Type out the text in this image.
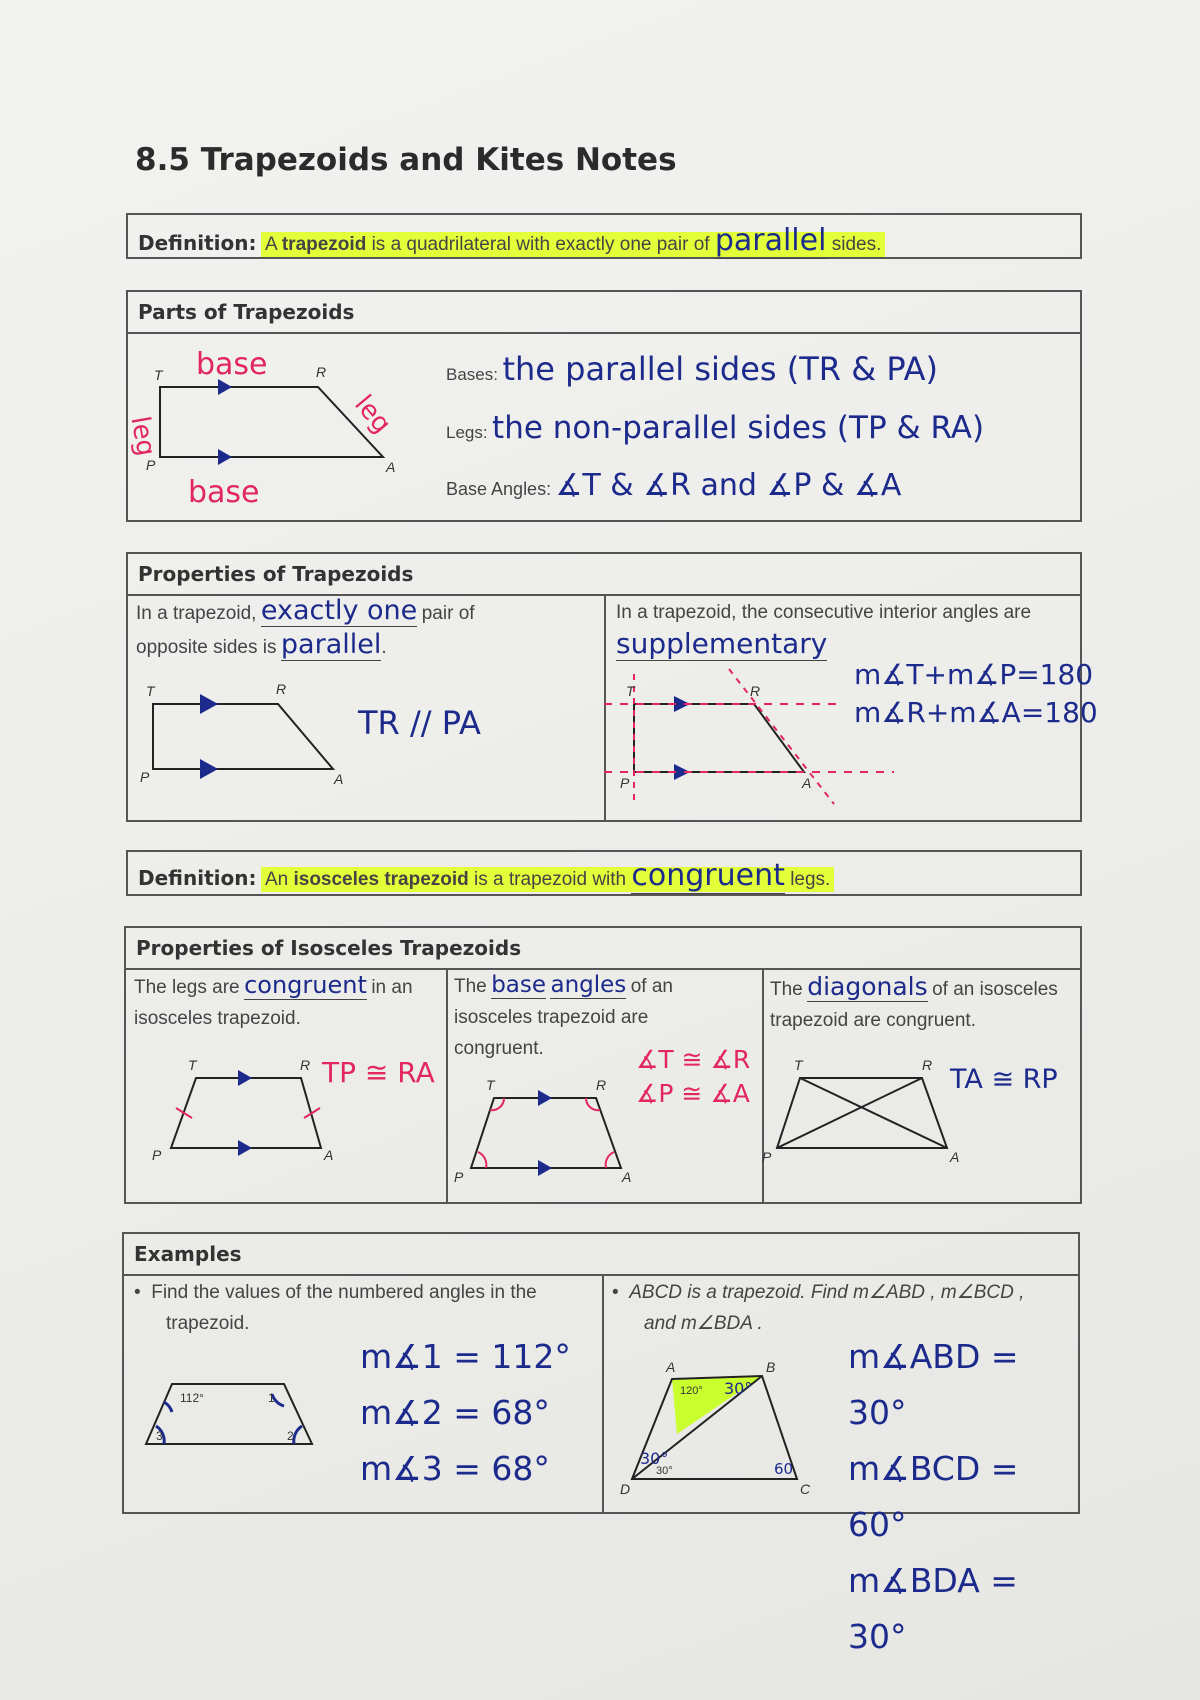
8.5 Trapezoids and Kites Notes
Definition: A trapezoid is a quadrilateral with exactly one pair of parallel sides.
Parts of Trapezoids
T	R
P	A
base
base
leg	leg
Bases: the parallel sides (TR & PA)
Legs: the non-parallel sides (TP & RA)
Base Angles: ∡T & ∡R and ∡P & ∡A
Properties of Trapezoids
In a trapezoid, exactly one pair of
opposite sides is parallel.
T	R
P	A
TR // PA
In a trapezoid, the consecutive interior angles are
supplementary
T	R
P	A
m∡T+m∡P=180
m∡R+m∡A=180
Definition: An isosceles trapezoid is a trapezoid with congruent legs.
Properties of Isosceles Trapezoids
The legs are congruent in an
isosceles trapezoid.
T	R
P	A
TP ≅ RA
The base angles of an
isosceles trapezoid are
congruent.
T	R
P	A
∡T ≅ ∡R
∡P ≅ ∡A
The diagonals of an isosceles
trapezoid are congruent.
T	R
P	A
TA ≅ RP
Examples
•  Find the values of the numbered angles in the
trapezoid.
112°	1
2
3
m∡1 = 112°
m∡2 = 68°
m∡3 = 68°
•  ABCD is a trapezoid. Find m∠ABD , m∠BCD ,
and m∠BDA .
A	B
C
D
120°
30°
30°
30°
60
m∡ABD = 30°
m∡BCD = 60°
m∡BDA = 30°
